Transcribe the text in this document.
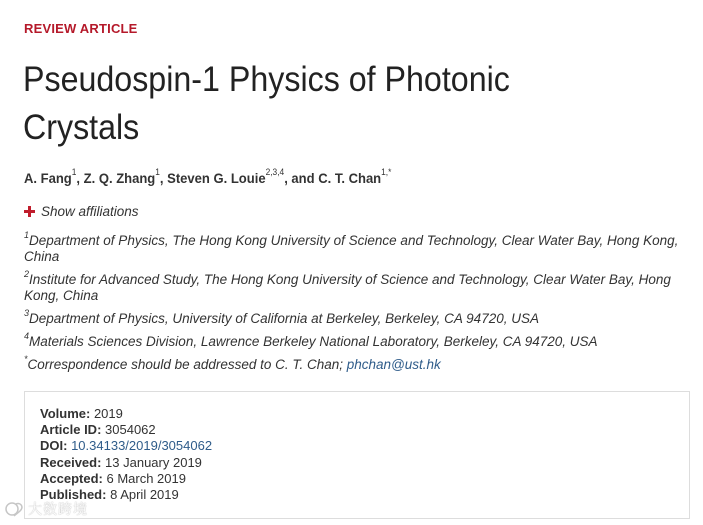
REVIEW ARTICLE
Pseudospin-1 Physics of Photonic Crystals
A. Fang$^1$, Z. Q. Zhang$^1$, Steven G. Louie$^{2,3,4}$, and C. T. Chan$^{1,*}$
Show affiliations

$^1$Department of Physics, The Hong Kong University of Science and Technology, Clear Water Bay, Hong Kong, China

$^2$Institute for Advanced Study, The Hong Kong University of Science and Technology, Clear Water Bay, Hong Kong, China

$^3$Department of Physics, University of California at Berkeley, Berkeley, CA 94720, USA

$^4$Materials Sciences Division, Lawrence Berkeley National Laboratory, Berkeley, CA 94720, USA

*Correspondence should be addressed to C. T. Chan; phchan@ust.hk

Volume: 2019
Article ID: 3054062
DOI: 10.34133/2019/3054062
Received: 13 January 2019
Accepted: 6 March 2019
Published: 8 April 2019
大数跨境
